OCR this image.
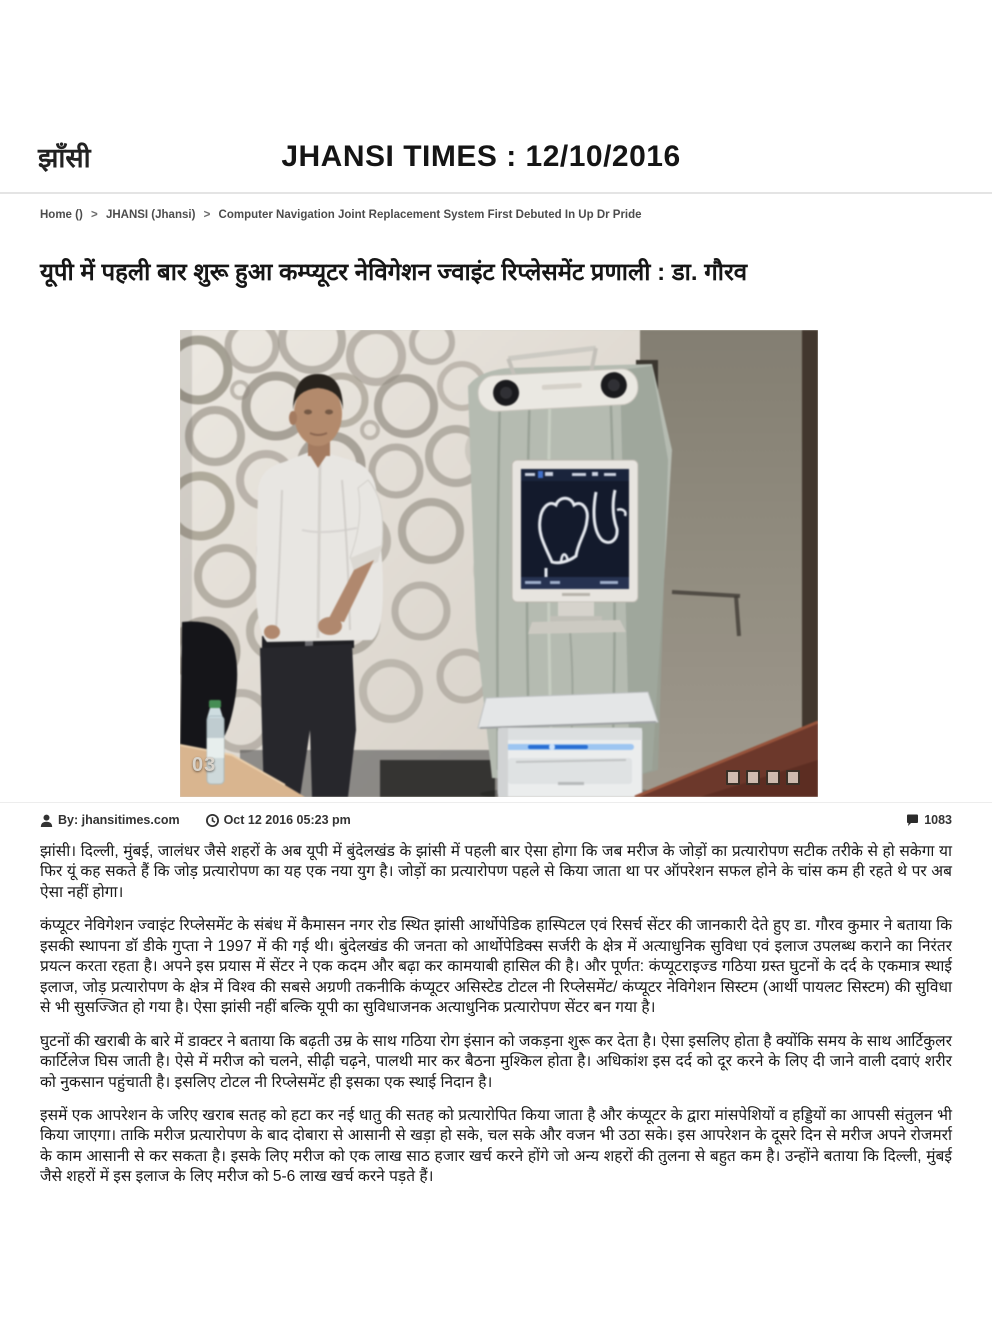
झाँसी	JHANSI TIMES : 12/10/2016
Home () > JHANSI (Jhansi) > Computer Navigation Joint Replacement System First Debuted In Up Dr Pride
यूपी में पहली बार शुरू हुआ कम्प्यूटर नेविगेशन ज्वाइंट रिप्लेसमेंट प्रणाली : डा. गौरव
03
By: jhansitimes.com	Oct 12 2016 05:23 pm	1083

झांसी। दिल्ली, मुंबई, जालंधर जैसे शहरों के अब यूपी में बुंदेलखंड के झांसी में पहली बार ऐसा होगा कि जब मरीज के जोड़ों का प्रत्यारोपण सटीक तरीके से हो सकेगा या फिर यूं कह सकते हैं कि जोड़ प्रत्यारोपण का यह एक नया युग है। जोड़ों का प्रत्यारोपण पहले से किया जाता था पर ऑपरेशन सफल होने के चांस कम ही रहते थे पर अब ऐसा नहीं होगा।

कंप्यूटर नेविगेशन ज्वाइंट रिप्लेसमेंट के संबंध में कैमासन नगर रोड स्थित झांसी आर्थोपेडिक हास्पिटल एवं रिसर्च सेंटर की जानकारी देते हुए डा. गौरव कुमार ने बताया कि इसकी स्थापना डॉ डीके गुप्ता ने 1997 में की गई थी। बुंदेलखंड की जनता को आर्थोपेडिक्स सर्जरी के क्षेत्र में अत्याधुनिक सुविधा एवं इलाज उपलब्ध कराने का निरंतर प्रयत्न करता रहता है। अपने इस प्रयास में सेंटर ने एक कदम और बढ़ा कर कामयाबी हासिल की है। और पूर्णत: कंप्यूटराइज्ड गठिया ग्रस्त घुटनों के दर्द के एकमात्र स्थाई इलाज, जोड़ प्रत्यारोपण के क्षेत्र में विश्व की सबसे अग्रणी तकनीकि कंप्यूटर असिस्टेड टोटल नी रिप्लेसमेंट/ कंप्यूटर नेविगेशन सिस्टम (आर्थी पायलट सिस्टम) की सुविधा से भी सुसज्जित हो गया है। ऐसा झांसी नहीं बल्कि यूपी का सुविधाजनक अत्याधुनिक प्रत्यारोपण सेंटर बन गया है।

घुटनों की खराबी के बारे में डाक्टर ने बताया कि बढ़ती उम्र के साथ गठिया रोग इंसान को जकड़ना शुरू कर देता है। ऐसा इसलिए होता है क्योंकि समय के साथ आर्टिकुलर कार्टिलेज घिस जाती है। ऐसे में मरीज को चलने, सीढ़ी चढ़ने, पालथी मार कर बैठना मुश्किल होता है। अधिकांश इस दर्द को दूर करने के लिए दी जाने वाली दवाएं शरीर को नुकसान पहुंचाती है। इसलिए टोटल नी रिप्लेसमेंट ही इसका एक स्थाई निदान है।

इसमें एक आपरेशन के जरिए खराब सतह को हटा कर नई धातु की सतह को प्रत्यारोपित किया जाता है और कंप्यूटर के द्वारा मांसपेशियों व हड्डियों का आपसी संतुलन भी किया जाएगा। ताकि मरीज प्रत्यारोपण के बाद दोबारा से आसानी से खड़ा हो सके, चल सके और वजन भी उठा सके। इस आपरेशन के दूसरे दिन से मरीज अपने रोजमर्रा के काम आसानी से कर सकता है। इसके लिए मरीज को एक लाख साठ हजार खर्च करने होंगे जो अन्य शहरों की तुलना से बहुत कम है। उन्होंने बताया कि दिल्ली, मुंबई जैसे शहरों में इस इलाज के लिए मरीज को 5-6 लाख खर्च करने पड़ते हैं।
